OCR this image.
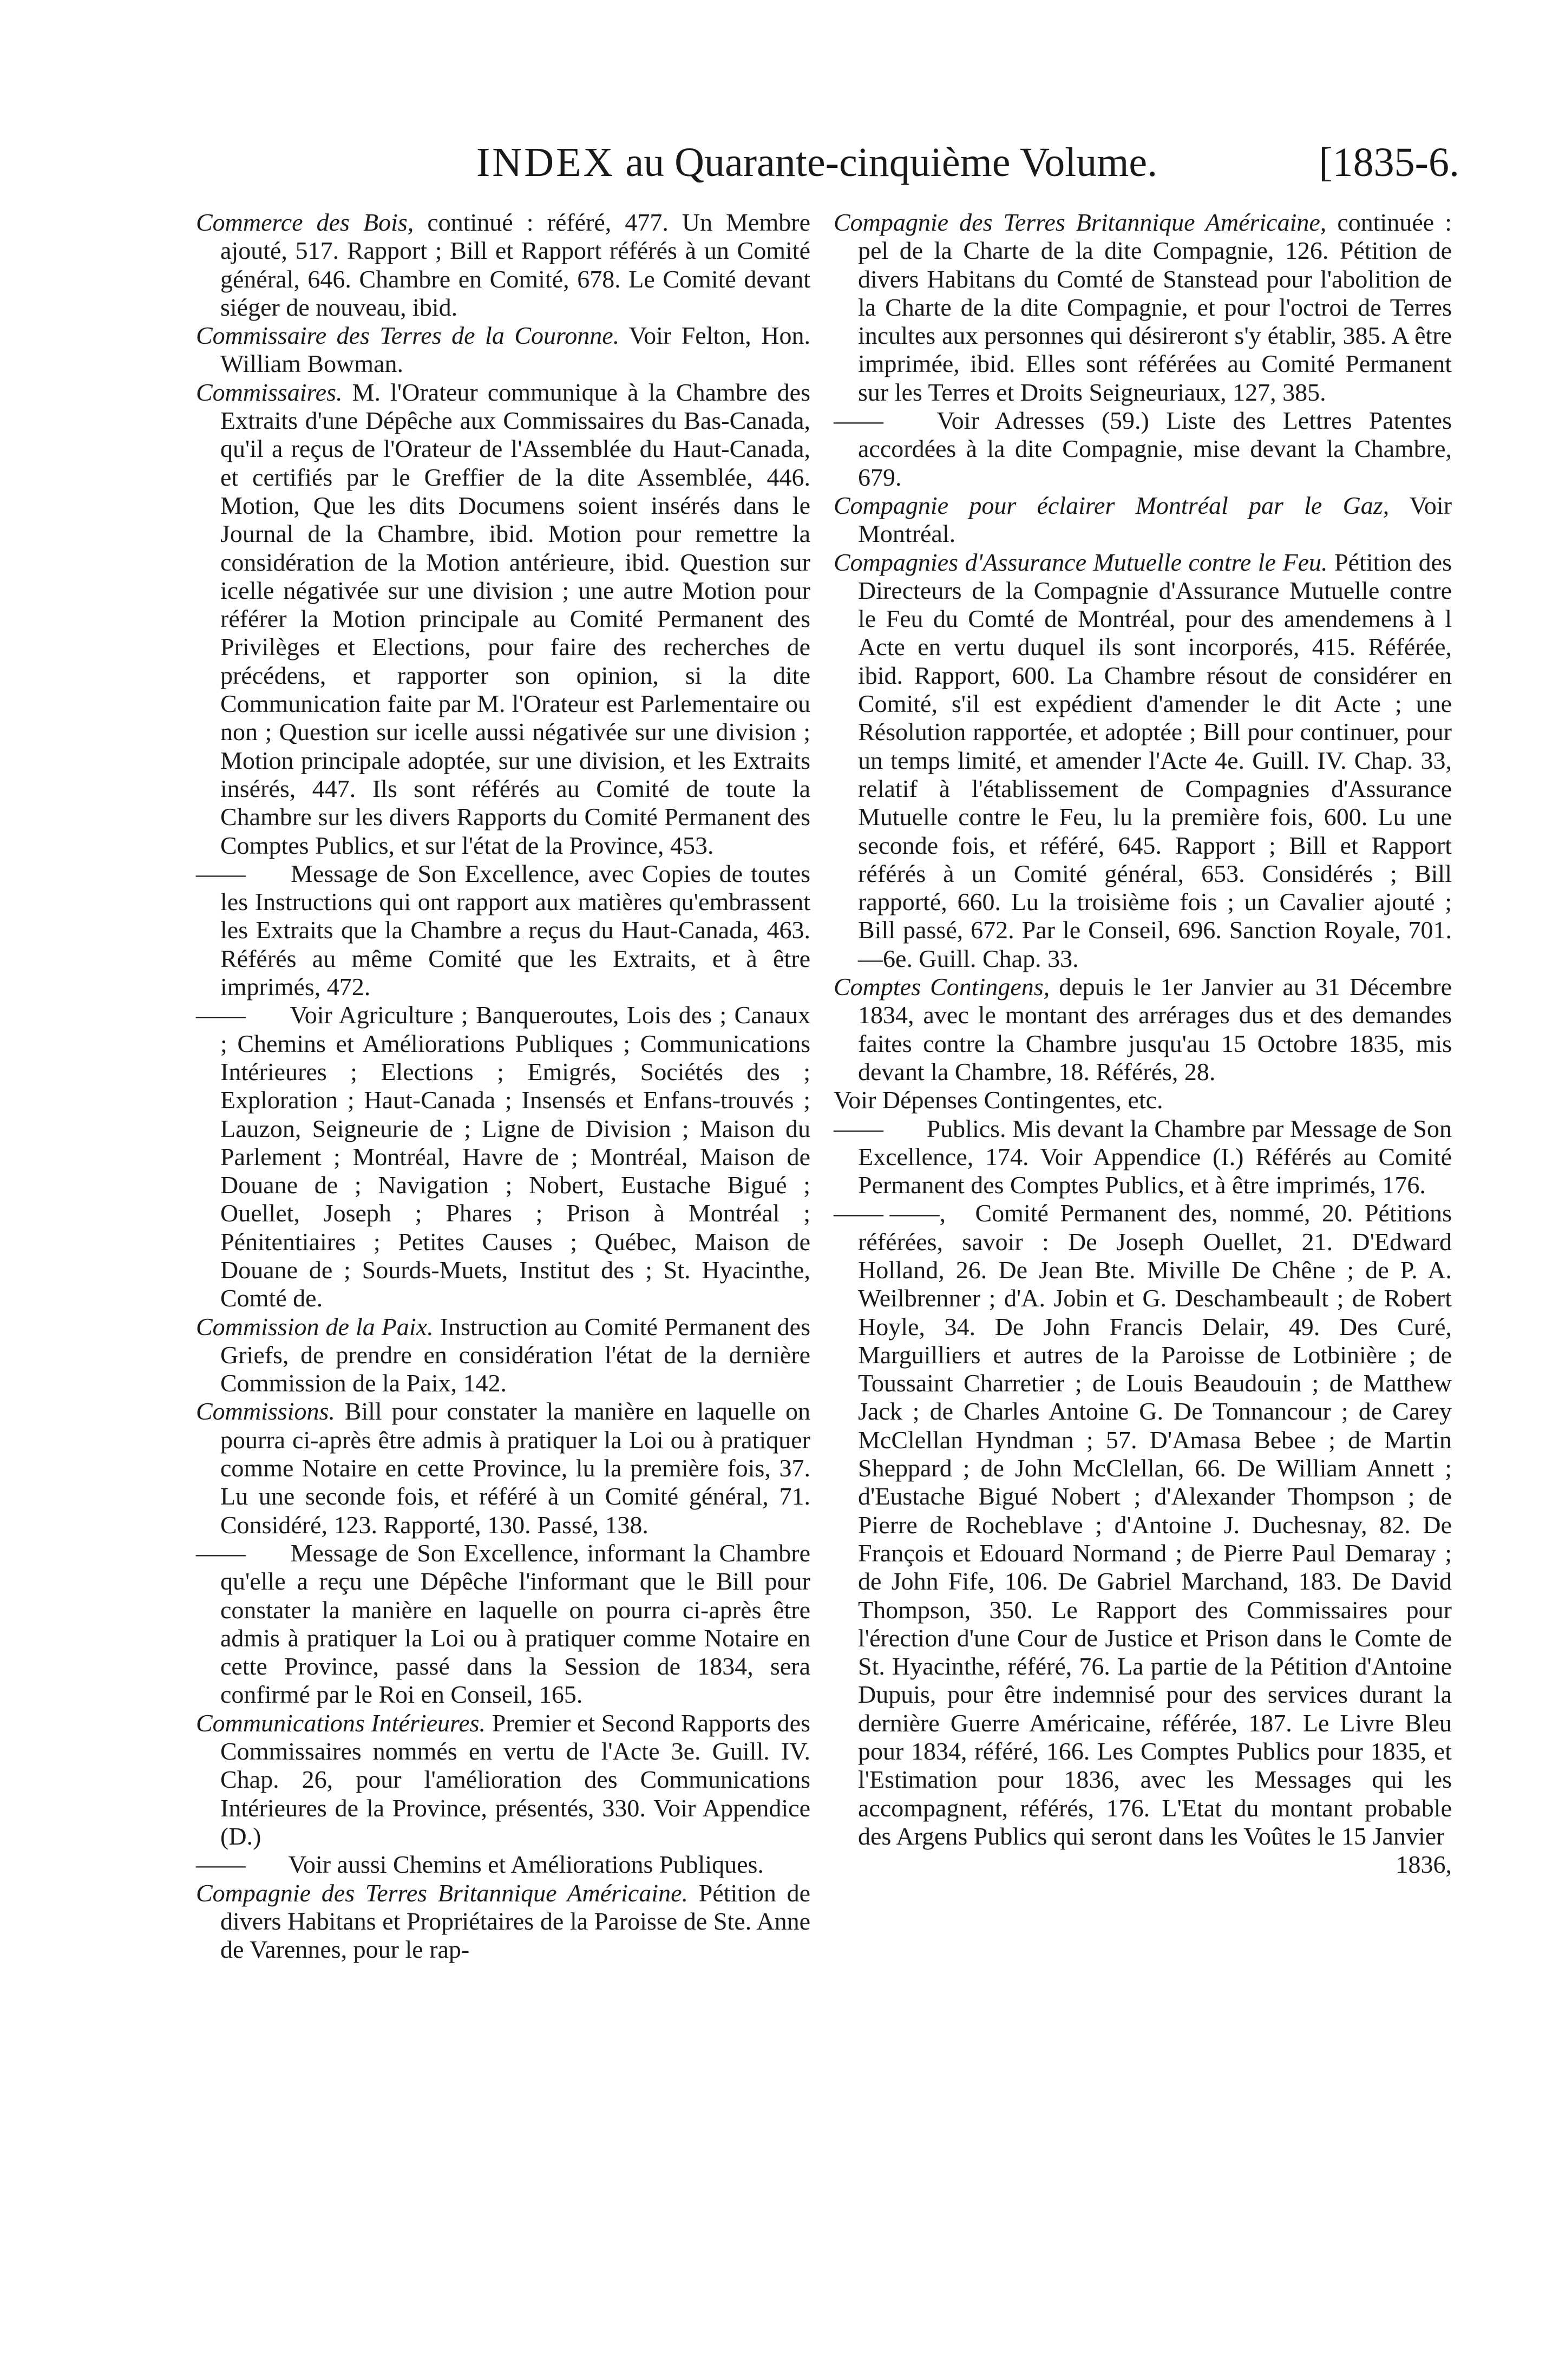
INDEX au Quarante-cinquième Volume.	[1835-6.

Commerce des Bois, continué : référé, 477. Un Membre ajouté, 517. Rapport ; Bill et Rapport référés à un Comité général, 646. Chambre en Comité, 678. Le Comité devant siéger de nouveau, ibid.

Commissaire des Terres de la Couronne. Voir Felton, Hon. William Bowman.

Commissaires. M. l'Orateur communique à la Chambre des Extraits d'une Dépêche aux Commissaires du Bas-Canada, qu'il a reçus de l'Orateur de l'Assemblée du Haut-Canada, et certifiés par le Greffier de la dite Assemblée, 446. Motion, Que les dits Documens soient insérés dans le Journal de la Chambre, ibid. Motion pour remettre la considération de la Motion antérieure, ibid. Question sur icelle négativée sur une division ; une autre Motion pour référer la Motion principale au Comité Permanent des Privilèges et Elections, pour faire des recherches de précédens, et rapporter son opinion, si la dite Communication faite par M. l'Orateur est Parlementaire ou non ; Question sur icelle aussi négativée sur une division ; Motion principale adoptée, sur une division, et les Extraits insérés, 447. Ils sont référés au Comité de toute la Chambre sur les divers Rapports du Comité Permanent des Comptes Publics, et sur l'état de la Province, 453.

—— Message de Son Excellence, avec Copies de toutes les Instructions qui ont rapport aux matières qu'embrassent les Extraits que la Chambre a reçus du Haut-Canada, 463. Référés au même Comité que les Extraits, et à être imprimés, 472.

—— Voir Agriculture ; Banqueroutes, Lois des ; Canaux ; Chemins et Améliorations Publiques ; Communications Intérieures ; Elections ; Emigrés, Sociétés des ; Exploration ; Haut-Canada ; Insensés et Enfans-trouvés ; Lauzon, Seigneurie de ; Ligne de Division ; Maison du Parlement ; Montréal, Havre de ; Montréal, Maison de Douane de ; Navigation ; Nobert, Eustache Bigué ; Ouellet, Joseph ; Phares ; Prison à Montréal ; Pénitentiaires ; Petites Causes ; Québec, Maison de Douane de ; Sourds-Muets, Institut des ; St. Hyacinthe, Comté de.

Commission de la Paix. Instruction au Comité Permanent des Griefs, de prendre en considération l'état de la dernière Commission de la Paix, 142.

Commissions. Bill pour constater la manière en laquelle on pourra ci-après être admis à pratiquer la Loi ou à pratiquer comme Notaire en cette Province, lu la première fois, 37. Lu une seconde fois, et référé à un Comité général, 71. Considéré, 123. Rapporté, 130. Passé, 138.

—— Message de Son Excellence, informant la Chambre qu'elle a reçu une Dépêche l'informant que le Bill pour constater la manière en laquelle on pourra ci-après être admis à pratiquer la Loi ou à pratiquer comme Notaire en cette Province, passé dans la Session de 1834, sera confirmé par le Roi en Conseil, 165.

Communications Intérieures. Premier et Second Rapports des Commissaires nommés en vertu de l'Acte 3e. Guill. IV. Chap. 26, pour l'amélioration des Communications Intérieures de la Province, présentés, 330. Voir Appendice (D.)

—— Voir aussi Chemins et Améliorations Publiques.

Compagnie des Terres Britannique Américaine. Pétition de divers Habitans et Propriétaires de la Paroisse de Ste. Anne de Varennes, pour le rap-

Compagnie des Terres Britannique Américaine, continuée : pel de la Charte de la dite Compagnie, 126. Pétition de divers Habitans du Comté de Stanstead pour l'abolition de la Charte de la dite Compagnie, et pour l'octroi de Terres incultes aux personnes qui désireront s'y établir, 385. A être imprimée, ibid. Elles sont référées au Comité Permanent sur les Terres et Droits Seigneuriaux, 127, 385.

—— Voir Adresses (59.) Liste des Lettres Patentes accordées à la dite Compagnie, mise devant la Chambre, 679.

Compagnie pour éclairer Montréal par le Gaz, Voir Montréal.

Compagnies d'Assurance Mutuelle contre le Feu. Pétition des Directeurs de la Compagnie d'Assurance Mutuelle contre le Feu du Comté de Montréal, pour des amendemens à l Acte en vertu duquel ils sont incorporés, 415. Référée, ibid. Rapport, 600. La Chambre résout de considérer en Comité, s'il est expédient d'amender le dit Acte ; une Résolution rapportée, et adoptée ; Bill pour continuer, pour un temps limité, et amender l'Acte 4e. Guill. IV. Chap. 33, relatif à l'établissement de Compagnies d'Assurance Mutuelle contre le Feu, lu la première fois, 600. Lu une seconde fois, et référé, 645. Rapport ; Bill et Rapport référés à un Comité général, 653. Considérés ; Bill rapporté, 660. Lu la troisième fois ; un Cavalier ajouté ; Bill passé, 672. Par le Conseil, 696. Sanction Royale, 701.—6e. Guill. Chap. 33.

Comptes Contingens, depuis le 1er Janvier au 31 Décembre 1834, avec le montant des arrérages dus et des demandes faites contre la Chambre jusqu'au 15 Octobre 1835, mis devant la Chambre, 18. Référés, 28.

Voir Dépenses Contingentes, etc.

—— Publics. Mis devant la Chambre par Message de Son Excellence, 174. Voir Appendice (I.) Référés au Comité Permanent des Comptes Publics, et à être imprimés, 176.

—— ——, Comité Permanent des, nommé, 20. Pétitions référées, savoir : De Joseph Ouellet, 21. D'Edward Holland, 26. De Jean Bte. Miville De Chêne ; de P. A. Weilbrenner ; d'A. Jobin et G. Deschambeault ; de Robert Hoyle, 34. De John Francis Delair, 49. Des Curé, Marguilliers et autres de la Paroisse de Lotbinière ; de Toussaint Charretier ; de Louis Beaudouin ; de Matthew Jack ; de Charles Antoine G. De Tonnancour ; de Carey McClellan Hyndman ; 57. D'Amasa Bebee ; de Martin Sheppard ; de John McClellan, 66. De William Annett ; d'Eustache Bigué Nobert ; d'Alexander Thompson ; de Pierre de Rocheblave ; d'Antoine J. Duchesnay, 82. De François et Edouard Normand ; de Pierre Paul Demaray ; de John Fife, 106. De Gabriel Marchand, 183. De David Thompson, 350. Le Rapport des Commissaires pour l'érection d'une Cour de Justice et Prison dans le Comte de St. Hyacinthe, référé, 76. La partie de la Pétition d'Antoine Dupuis, pour être indemnisé pour des services durant la dernière Guerre Américaine, référée, 187. Le Livre Bleu pour 1834, référé, 166. Les Comptes Publics pour 1835, et l'Estimation pour 1836, avec les Messages qui les accompagnent, référés, 176. L'Etat du montant probable des Argens Publics qui seront dans les Voûtes le 15 Janvier

1836,
